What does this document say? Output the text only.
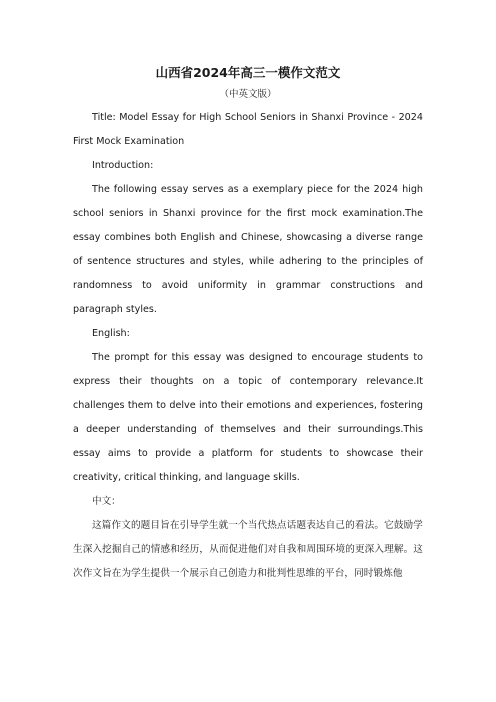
山西省2024年高三一模作文范文

（中英文版）

Title: Model Essay for High School Seniors in Shanxi Province - 2024 First Mock Examination

Introduction:

The following essay serves as a exemplary piece for the 2024 high school seniors in Shanxi province for the first mock examination.The essay combines both English and Chinese, showcasing a diverse range of sentence structures and styles, while adhering to the principles of randomness to avoid uniformity in grammar constructions and paragraph styles.

English:

The prompt for this essay was designed to encourage students to express their thoughts on a topic of contemporary relevance.It challenges them to delve into their emotions and experiences, fostering a deeper understanding of themselves and their surroundings.This essay aims to provide a platform for students to showcase their creativity, critical thinking, and language skills.

中文：

这篇作文的题目旨在引导学生就一个当代热点话题表达自己的看法。它鼓励学生深入挖掘自己的情感和经历，从而促进他们对自我和周围环境的更深入理解。这次作文旨在为学生提供一个展示自己创造力和批判性思维的平台，同时锻炼他
